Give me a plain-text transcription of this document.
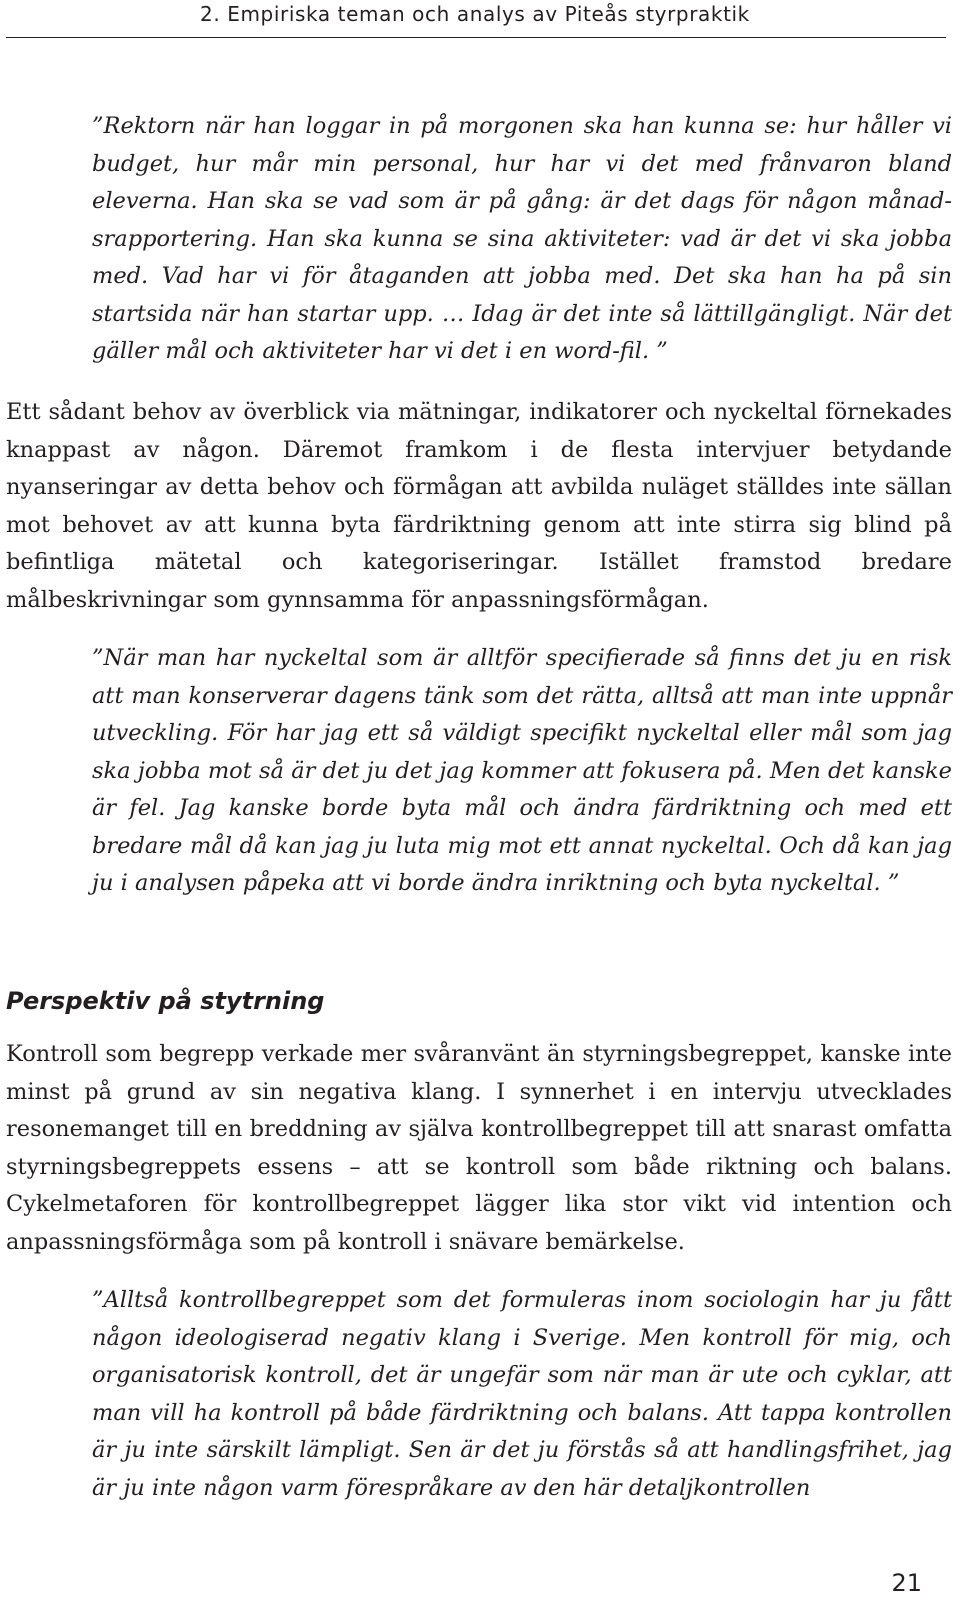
2. Empiriska teman och analys av Piteås styrpraktik

”Rektorn när han loggar in på morgonen ska han kunna se: hur håller vi budget, hur mår min personal, hur har vi det med frånvaron bland eleverna. Han ska se vad som är på gång: är det dags för någon månadsrapportering. Han ska kunna se sina aktiviteter: vad är det vi ska jobba med. Vad har vi för åtaganden att jobba med. Det ska han ha på sin startsida när han startar upp. … Idag är det inte så lättillgängligt. När det gäller mål och aktiviteter har vi det i en word-fil. ”

Ett sådant behov av överblick via mätningar, indikatorer och nyckeltal förnekades knappast av någon. Däremot framkom i de flesta intervjuer betydande nyanseringar av detta behov och förmågan att avbilda nuläget ställdes inte sällan mot behovet av att kunna byta färdriktning genom att inte stirra sig blind på befintliga mätetal och kategoriseringar. Istället framstod bredare målbeskrivningar som gynnsamma för anpassningsförmågan.

”När man har nyckeltal som är alltför specifierade så finns det ju en risk att man konserverar dagens tänk som det rätta, alltså att man inte uppnår utveckling. För har jag ett så väldigt specifikt nyckeltal eller mål som jag ska jobba mot så är det ju det jag kommer att fokusera på. Men det kanske är fel. Jag kanske borde byta mål och ändra färdriktning och med ett bredare mål då kan jag ju luta mig mot ett annat nyckeltal. Och då kan jag ju i analysen påpeka att vi borde ändra inriktning och byta nyckeltal. ”

Perspektiv på stytrning

Kontroll som begrepp verkade mer svåranvänt än styrningsbegreppet, kanske inte minst på grund av sin negativa klang. I synnerhet i en intervju utvecklades resonemanget till en breddning av själva kontrollbegreppet till att snarast omfatta styrningsbegreppets essens – att se kontroll som både riktning och balans. Cykelmetaforen för kontrollbegreppet lägger lika stor vikt vid intention och anpassningsförmåga som på kontroll i snävare bemärkelse.

”Alltså kontrollbegreppet som det formuleras inom sociologin har ju fått någon ideologiserad negativ klang i Sverige. Men kontroll för mig, och organisatorisk kontroll, det är ungefär som när man är ute och cyklar, att man vill ha kontroll på både färdriktning och balans. Att tappa kontrollen är ju inte särskilt lämpligt. Sen är det ju förstås så att handlingsfrihet, jag är ju inte någon varm förespråkare av den här detaljkontrollen

21
